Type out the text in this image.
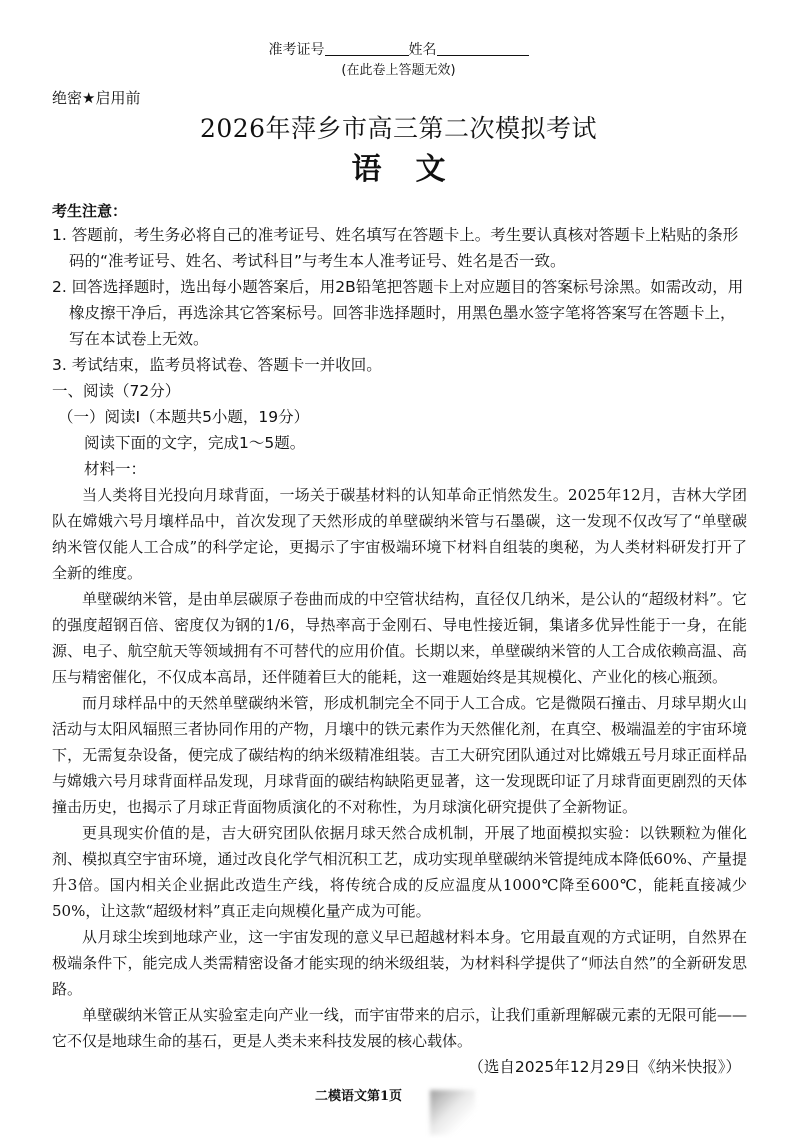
准考证号	姓名
(在此卷上答题无效)
绝密★启用前
2026年萍乡市高三第二次模拟考试
语文
考生注意：
1. 答题前，考生务必将自己的准考证号、姓名填写在答题卡上。考生要认真核对答题卡上粘贴的条形码的“准考证号、姓名、考试科目”与考生本人准考证号、姓名是否一致。
2. 回答选择题时，选出每小题答案后，用2B铅笔把答题卡上对应题目的答案标号涂黑。如需改动，用橡皮擦干净后，再选涂其它答案标号。回答非选择题时，用黑色墨水签字笔将答案写在答题卡上，写在本试卷上无效。
3. 考试结束，监考员将试卷、答题卡一并收回。
一、阅读（72分）
（一）阅读Ⅰ（本题共5小题，19分）
阅读下面的文字，完成1～5题。
材料一：

当人类将目光投向月球背面，一场关于碳基材料的认知革命正悄然发生。2025年12月，吉林大学团队在嫦娥六号月壤样品中，首次发现了天然形成的单壁碳纳米管与石墨碳，这一发现不仅改写了“单壁碳纳米管仅能人工合成”的科学定论，更揭示了宇宙极端环境下材料自组装的奥秘，为人类材料研发打开了全新的维度。

单壁碳纳米管，是由单层碳原子卷曲而成的中空管状结构，直径仅几纳米，是公认的“超级材料”。它的强度超钢百倍、密度仅为钢的1/6，导热率高于金刚石、导电性接近铜，集诸多优异性能于一身，在能源、电子、航空航天等领域拥有不可替代的应用价值。长期以来，单壁碳纳米管的人工合成依赖高温、高压与精密催化，不仅成本高昂，还伴随着巨大的能耗，这一难题始终是其规模化、产业化的核心瓶颈。

而月球样品中的天然单壁碳纳米管，形成机制完全不同于人工合成。它是微陨石撞击、月球早期火山活动与太阳风辐照三者协同作用的产物，月壤中的铁元素作为天然催化剂，在真空、极端温差的宇宙环境下，无需复杂设备，便完成了碳结构的纳米级精准组装。吉工大研究团队通过对比嫦娥五号月球正面样品与嫦娥六号月球背面样品发现，月球背面的碳结构缺陷更显著，这一发现既印证了月球背面更剧烈的天体撞击历史，也揭示了月球正背面物质演化的不对称性，为月球演化研究提供了全新物证。

更具现实价值的是，吉大研究团队依据月球天然合成机制，开展了地面模拟实验：以铁颗粒为催化剂、模拟真空宇宙环境，通过改良化学气相沉积工艺，成功实现单壁碳纳米管提纯成本降低60%、产量提升3倍。国内相关企业据此改造生产线，将传统合成的反应温度从1000℃降至600℃，能耗直接减少50%，让这款“超级材料”真正走向规模化量产成为可能。

从月球尘埃到地球产业，这一宇宙发现的意义早已超越材料本身。它用最直观的方式证明，自然界在极端条件下，能完成人类需精密设备才能实现的纳米级组装，为材料科学提供了“师法自然”的全新研发思路。

单壁碳纳米管正从实验室走向产业一线，而宇宙带来的启示，让我们重新理解碳元素的无限可能——它不仅是地球生命的基石，更是人类未来科技发展的核心载体。

（选自2025年12月29日《纳米快报》）
二模语文第1页
